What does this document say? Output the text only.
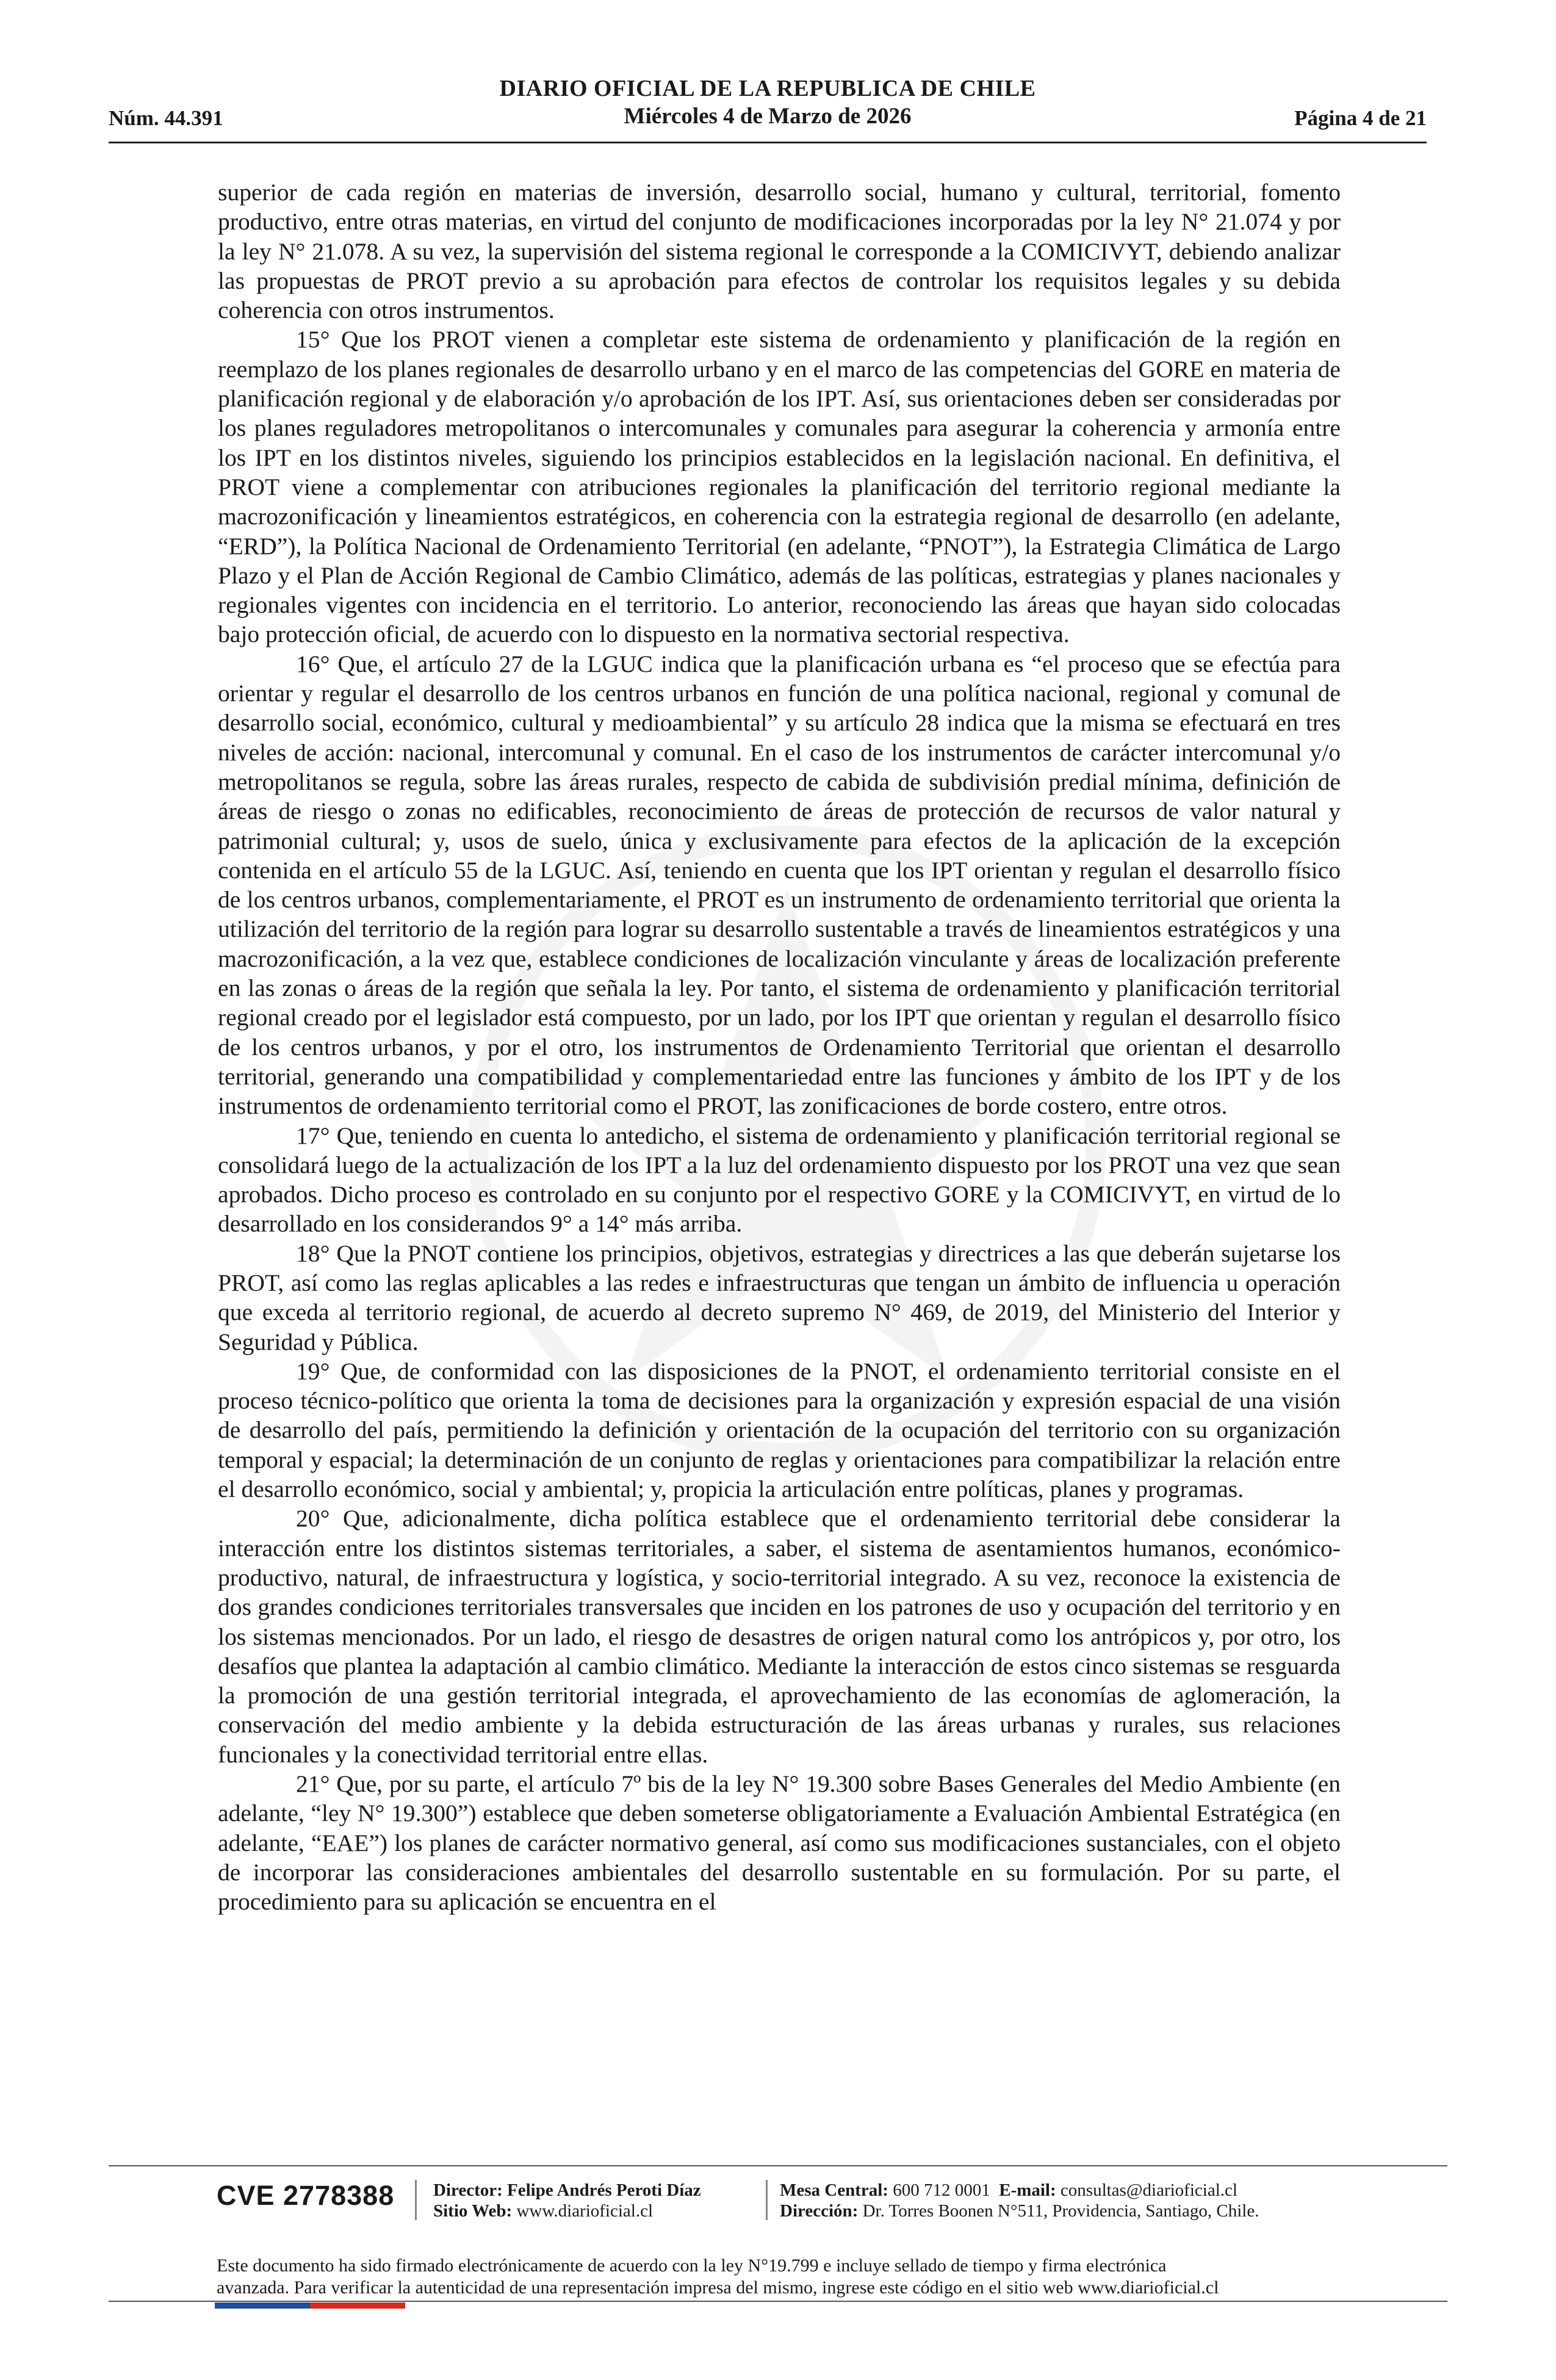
Núm. 44.391
DIARIO OFICIAL DE LA REPUBLICA DE CHILE
Miércoles 4 de Marzo de 2026	Página 4 de 21

superior de cada región en materias de inversión, desarrollo social, humano y cultural, territorial, fomento productivo, entre otras materias, en virtud del conjunto de modificaciones incorporadas por la ley N° 21.074 y por la ley N° 21.078. A su vez, la supervisión del sistema regional le corresponde a la COMICIVYT, debiendo analizar las propuestas de PROT previo a su aprobación para efectos de controlar los requisitos legales y su debida coherencia con otros instrumentos.

15° Que los PROT vienen a completar este sistema de ordenamiento y planificación de la región en reemplazo de los planes regionales de desarrollo urbano y en el marco de las competencias del GORE en materia de planificación regional y de elaboración y/o aprobación de los IPT. Así, sus orientaciones deben ser consideradas por los planes reguladores metropolitanos o intercomunales y comunales para asegurar la coherencia y armonía entre los IPT en los distintos niveles, siguiendo los principios establecidos en la legislación nacional. En definitiva, el PROT viene a complementar con atribuciones regionales la planificación del territorio regional mediante la macrozonificación y lineamientos estratégicos, en coherencia con la estrategia regional de desarrollo (en adelante, “ERD”), la Política Nacional de Ordenamiento Territorial (en adelante, “PNOT”), la Estrategia Climática de Largo Plazo y el Plan de Acción Regional de Cambio Climático, además de las políticas, estrategias y planes nacionales y regionales vigentes con incidencia en el territorio. Lo anterior, reconociendo las áreas que hayan sido colocadas bajo protección oficial, de acuerdo con lo dispuesto en la normativa sectorial respectiva.

16° Que, el artículo 27 de la LGUC indica que la planificación urbana es “el proceso que se efectúa para orientar y regular el desarrollo de los centros urbanos en función de una política nacional, regional y comunal de desarrollo social, económico, cultural y medioambiental” y su artículo 28 indica que la misma se efectuará en tres niveles de acción: nacional, intercomunal y comunal. En el caso de los instrumentos de carácter intercomunal y/o metropolitanos se regula, sobre las áreas rurales, respecto de cabida de subdivisión predial mínima, definición de áreas de riesgo o zonas no edificables, reconocimiento de áreas de protección de recursos de valor natural y patrimonial cultural; y, usos de suelo, única y exclusivamente para efectos de la aplicación de la excepción contenida en el artículo 55 de la LGUC. Así, teniendo en cuenta que los IPT orientan y regulan el desarrollo físico de los centros urbanos, complementariamente, el PROT es un instrumento de ordenamiento territorial que orienta la utilización del territorio de la región para lograr su desarrollo sustentable a través de lineamientos estratégicos y una macrozonificación, a la vez que, establece condiciones de localización vinculante y áreas de localización preferente en las zonas o áreas de la región que señala la ley. Por tanto, el sistema de ordenamiento y planificación territorial regional creado por el legislador está compuesto, por un lado, por los IPT que orientan y regulan el desarrollo físico de los centros urbanos, y por el otro, los instrumentos de Ordenamiento Territorial que orientan el desarrollo territorial, generando una compatibilidad y complementariedad entre las funciones y ámbito de los IPT y de los instrumentos de ordenamiento territorial como el PROT, las zonificaciones de borde costero, entre otros.

17° Que, teniendo en cuenta lo antedicho, el sistema de ordenamiento y planificación territorial regional se consolidará luego de la actualización de los IPT a la luz del ordenamiento dispuesto por los PROT una vez que sean aprobados. Dicho proceso es controlado en su conjunto por el respectivo GORE y la COMICIVYT, en virtud de lo desarrollado en los considerandos 9° a 14° más arriba.

18° Que la PNOT contiene los principios, objetivos, estrategias y directrices a las que deberán sujetarse los PROT, así como las reglas aplicables a las redes e infraestructuras que tengan un ámbito de influencia u operación que exceda al territorio regional, de acuerdo al decreto supremo N° 469, de 2019, del Ministerio del Interior y Seguridad y Pública.

19° Que, de conformidad con las disposiciones de la PNOT, el ordenamiento territorial consiste en el proceso técnico-político que orienta la toma de decisiones para la organización y expresión espacial de una visión de desarrollo del país, permitiendo la definición y orientación de la ocupación del territorio con su organización temporal y espacial; la determinación de un conjunto de reglas y orientaciones para compatibilizar la relación entre el desarrollo económico, social y ambiental; y, propicia la articulación entre políticas, planes y programas.

20° Que, adicionalmente, dicha política establece que el ordenamiento territorial debe considerar la interacción entre los distintos sistemas territoriales, a saber, el sistema de asentamientos humanos, económico-productivo, natural, de infraestructura y logística, y socio-territorial integrado. A su vez, reconoce la existencia de dos grandes condiciones territoriales transversales que inciden en los patrones de uso y ocupación del territorio y en los sistemas mencionados. Por un lado, el riesgo de desastres de origen natural como los antrópicos y, por otro, los desafíos que plantea la adaptación al cambio climático. Mediante la interacción de estos cinco sistemas se resguarda la promoción de una gestión territorial integrada, el aprovechamiento de las economías de aglomeración, la conservación del medio ambiente y la debida estructuración de las áreas urbanas y rurales, sus relaciones funcionales y la conectividad territorial entre ellas.

21° Que, por su parte, el artículo 7º bis de la ley N° 19.300 sobre Bases Generales del Medio Ambiente (en adelante, “ley N° 19.300”) establece que deben someterse obligatoriamente a Evaluación Ambiental Estratégica (en adelante, “EAE”) los planes de carácter normativo general, así como sus modificaciones sustanciales, con el objeto de incorporar las consideraciones ambientales del desarrollo sustentable en su formulación. Por su parte, el procedimiento para su aplicación se encuentra en el

CVE 2778388 Director: Felipe Andrés Peroti Díaz
Sitio Web: www.diarioficial.cl
Mesa Central: 600 712 0001 E-mail: consultas@diarioficial.cl
Dirección: Dr. Torres Boonen N°511, Providencia, Santiago, Chile.
Este documento ha sido firmado electrónicamente de acuerdo con la ley N°19.799 e incluye sellado de tiempo y firma electrónica
avanzada. Para verificar la autenticidad de una representación impresa del mismo, ingrese este código en el sitio web www.diarioficial.cl
